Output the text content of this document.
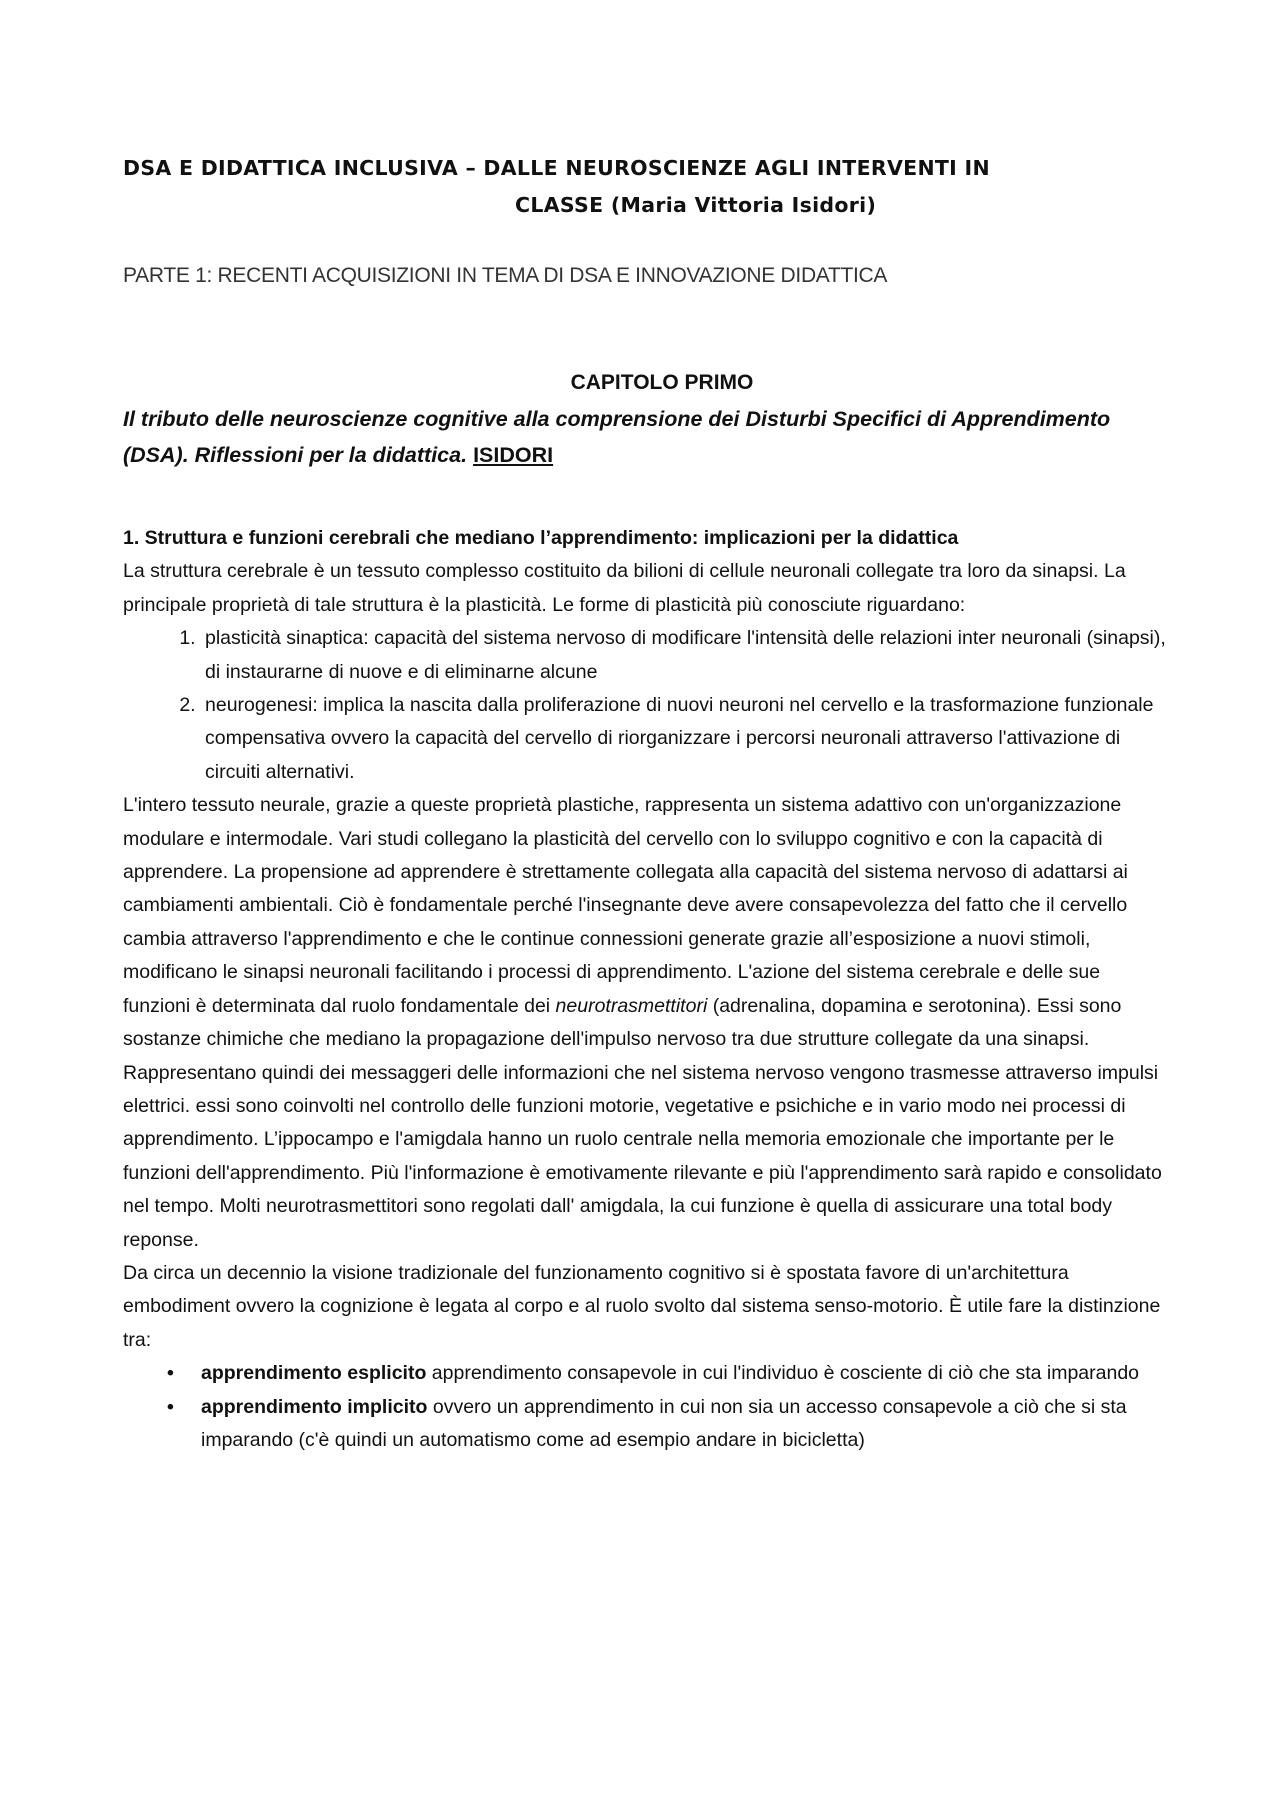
DSA E DIDATTICA INCLUSIVA – DALLE NEUROSCIENZE AGLI INTERVENTI IN
CLASSE (Maria Vittoria Isidori)

PARTE 1: RECENTI ACQUISIZIONI IN TEMA DI DSA E INNOVAZIONE DIDATTICA

CAPITOLO PRIMO

Il tributo delle neuroscienze cognitive alla comprensione dei Disturbi Specifici di Apprendimento (DSA). Riflessioni per la didattica. ISIDORI

1. Struttura e funzioni cerebrali che mediano l’apprendimento: implicazioni per la didattica

La struttura cerebrale è un tessuto complesso costituito da bilioni di cellule neuronali collegate tra loro da sinapsi. La principale proprietà di tale struttura è la plasticità. Le forme di plasticità più conosciute riguardano:

1. plasticità sinaptica: capacità del sistema nervoso di modificare l'intensità delle relazioni inter neuronali (sinapsi), di instaurarne di nuove e di eliminarne alcune
2. neurogenesi: implica la nascita dalla proliferazione di nuovi neuroni nel cervello e la trasformazione funzionale compensativa ovvero la capacità del cervello di riorganizzare i percorsi neuronali attraverso l'attivazione di circuiti alternativi.

L'intero tessuto neurale, grazie a queste proprietà plastiche, rappresenta un sistema adattivo con un'organizzazione modulare e intermodale. Vari studi collegano la plasticità del cervello con lo sviluppo cognitivo e con la capacità di apprendere. La propensione ad apprendere è strettamente collegata alla capacità del sistema nervoso di adattarsi ai cambiamenti ambientali. Ciò è fondamentale perché l'insegnante deve avere consapevolezza del fatto che il cervello cambia attraverso l'apprendimento e che le continue connessioni generate grazie all’esposizione a nuovi stimoli, modificano le sinapsi neuronali facilitando i processi di apprendimento. L'azione del sistema cerebrale e delle sue funzioni è determinata dal ruolo fondamentale dei neurotrasmettitori (adrenalina, dopamina e serotonina). Essi sono sostanze chimiche che mediano la propagazione dell'impulso nervoso tra due strutture collegate da una sinapsi. Rappresentano quindi dei messaggeri delle informazioni che nel sistema nervoso vengono trasmesse attraverso impulsi elettrici. essi sono coinvolti nel controllo delle funzioni motorie, vegetative e psichiche e in vario modo nei processi di apprendimento. L’ippocampo e l'amigdala hanno un ruolo centrale nella memoria emozionale che importante per le funzioni dell'apprendimento. Più l'informazione è emotivamente rilevante e più l'apprendimento sarà rapido e consolidato nel tempo. Molti neurotrasmettitori sono regolati dall' amigdala, la cui funzione è quella di assicurare una total body reponse.

Da circa un decennio la visione tradizionale del funzionamento cognitivo si è spostata favore di un'architettura embodiment ovvero la cognizione è legata al corpo e al ruolo svolto dal sistema senso-motorio. È utile fare la distinzione tra:

• apprendimento esplicito apprendimento consapevole in cui l'individuo è cosciente di ciò che sta imparando
• apprendimento implicito ovvero un apprendimento in cui non sia un accesso consapevole a ciò che si sta imparando (c'è quindi un automatismo come ad esempio andare in bicicletta)
